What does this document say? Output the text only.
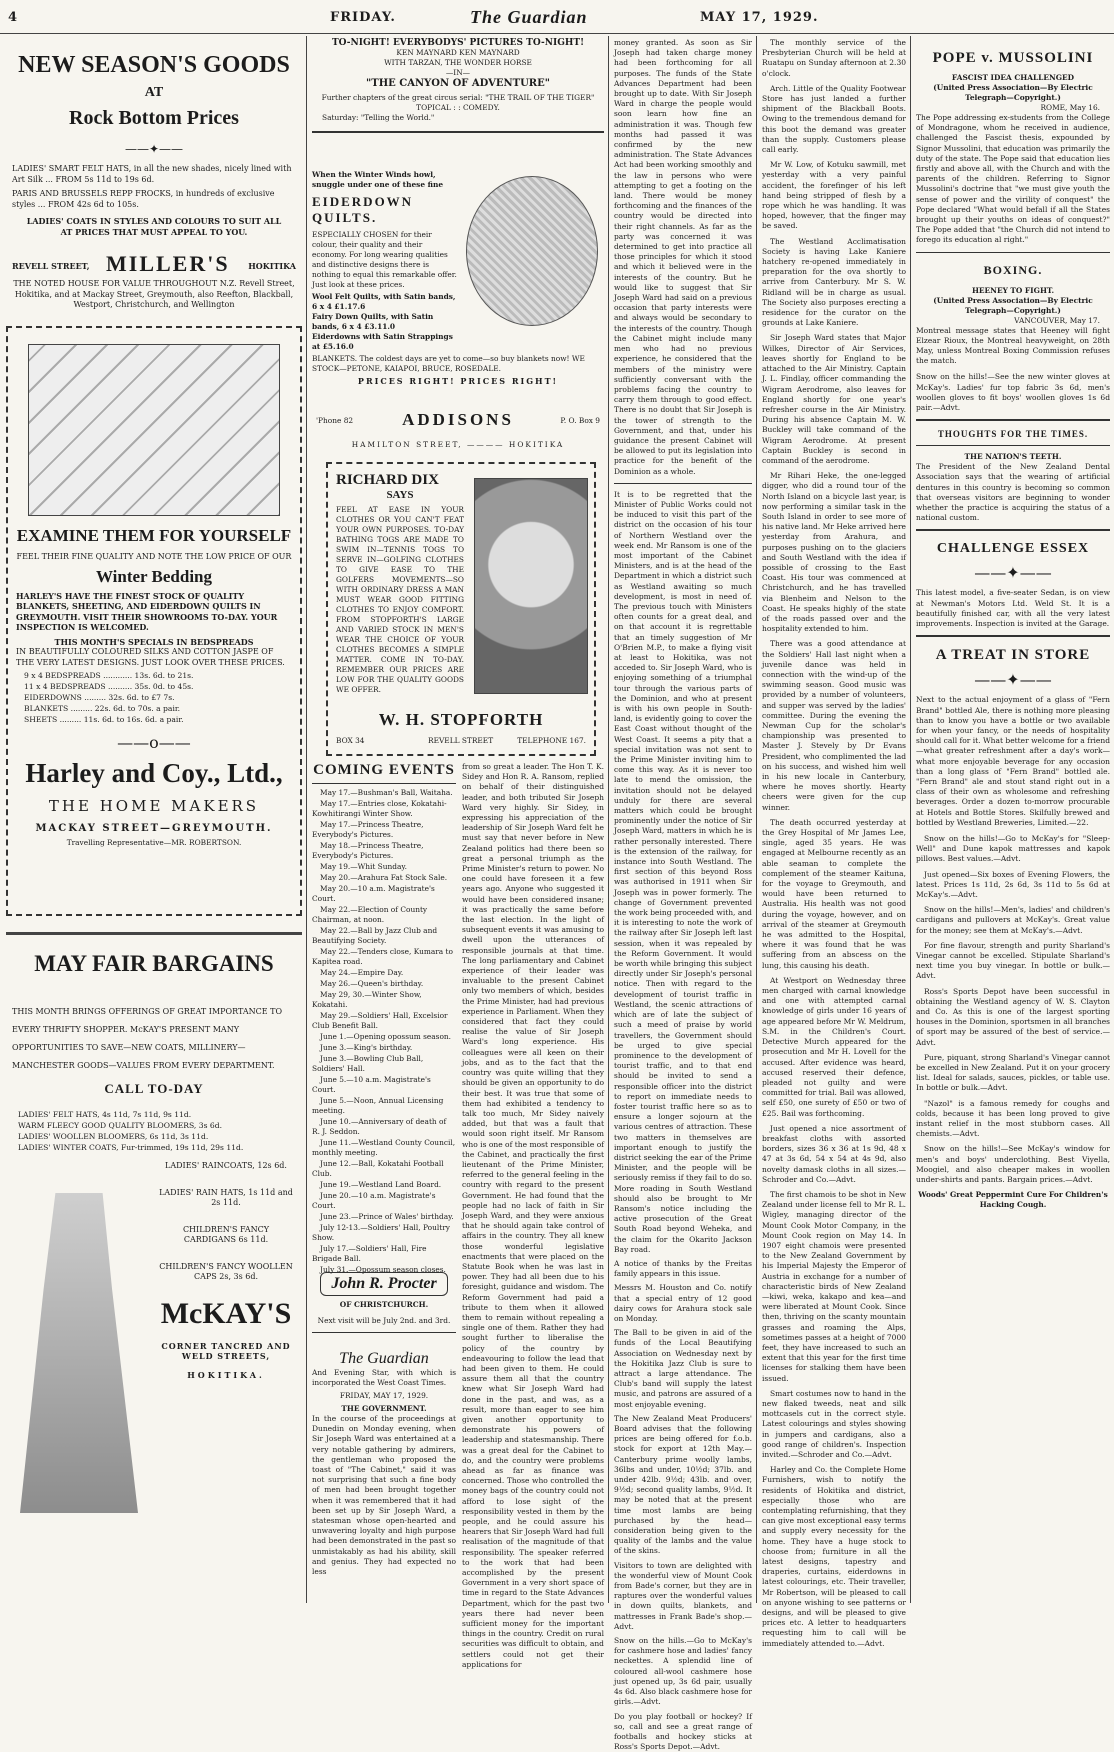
4	FRIDAY.	The Guardian	MAY 17, 1929.
NEW SEASON'S GOODS
AT
Rock Bottom Prices
——✦——
LADIES' SMART FELT HATS, in all the new shades, nicely lined with Art Silk ... FROM 5s 11d to 19s 6d.
PARIS AND BRUSSELS REPP FROCKS, in hundreds of exclusive styles ... FROM 42s 6d to 105s.
LADIES' COATS IN STYLES AND COLOURS TO SUIT ALL AT PRICES THAT MUST APPEAL TO YOU.
REVELL STREET, MILLER'S HOKITIKA
THE NOTED HOUSE FOR VALUE THROUGHOUT N.Z. Revell Street, Hokitika, and at Mackay Street, Greymouth, also Reefton, Blackball, Westport, Christchurch, and Wellington
EXAMINE THEM FOR YOURSELF
FEEL THEIR FINE QUALITY AND NOTE THE LOW PRICE OF OUR
Winter Bedding
HARLEY'S HAVE THE FINEST STOCK OF QUALITY BLANKETS, SHEETING, AND EIDERDOWN QUILTS IN GREYMOUTH. VISIT THEIR SHOWROOMS TO-DAY. YOUR INSPECTION IS WELCOMED.
THIS MONTH'S SPECIALS IN BEDSPREADS
IN BEAUTIFULLY COLOURED SILKS AND COTTON JASPE OF THE VERY LATEST DESIGNS. JUST LOOK OVER THESE PRICES.
9 x 4 BEDSPREADS ............ 13s. 6d. to 21s.
11 x 4 BEDSPREADS .......... 35s. 0d. to 45s.
EIDERDOWNS ......... 32s. 6d. to £7 7s.
BLANKETS ......... 22s. 6d. to 70s. a pair.
SHEETS ......... 11s. 6d. to 16s. 6d. a pair.
——o——
Harley and Coy., Ltd.,
THE HOME MAKERS
MACKAY STREET—GREYMOUTH.
Travelling Representative—MR. ROBERTSON.
MAY FAIR BARGAINS
THIS MONTH BRINGS OFFERINGS OF GREAT IMPORTANCE TO EVERY THRIFTY SHOPPER. McKAY'S PRESENT MANY OPPORTUNITIES TO SAVE—NEW COATS, MILLINERY—MANCHESTER GOODS—VALUES FROM EVERY DEPARTMENT.
CALL TO-DAY
LADIES' FELT HATS, 4s 11d, 7s 11d, 9s 11d.
WARM FLEECY GOOD QUALITY BLOOMERS, 3s 6d.
LADIES' WOOLLEN BLOOMERS, 6s 11d, 3s 11d.
LADIES' WINTER COATS, Fur-trimmed, 19s 11d, 29s 11d.
LADIES' RAINCOATS, 12s 6d.
LADIES' RAIN HATS, 1s 11d and 2s 11d.
CHILDREN'S FANCY CARDIGANS 6s 11d.
CHILDREN'S FANCY WOOLLEN CAPS 2s, 3s 6d.
McKAY'S
CORNER TANCRED AND WELD STREETS,
HOKITIKA.
TO-NIGHT! EVERYBODYS' PICTURES TO-NIGHT!
KEN MAYNARD KEN MAYNARD
WITH TARZAN, THE WONDER HORSE
—IN—
"THE CANYON OF ADVENTURE"
Further chapters of the great circus serial: "THE TRAIL OF THE TIGER"
TOPICAL : : COMEDY.
Saturday: "Telling the World."
When the Winter Winds howl, snuggle under one of these fine
EIDERDOWN QUILTS.
ESPECIALLY CHOSEN for their colour, their quality and their economy. For long wearing qualities and distinctive designs there is nothing to equal this remarkable offer. Just look at these prices.
Wool Felt Quilts, with Satin bands, 6 x 4 £1.17.6
Fairy Down Quilts, with Satin bands, 6 x 4 £3.11.0
Eiderdowns with Satin Strappings at £5.16.0
BLANKETS. The coldest days are yet to come—so buy blankets now! WE STOCK—PETONE, KAIAPOI, BRUCE, ROSEDALE.
PRICES RIGHT! PRICES RIGHT!
ADDISONS
'Phone 82	P. O. Box 9
HAMILTON STREET, ———— HOKITIKA
RICHARD DIX
SAYS
FEEL AT EASE IN YOUR CLOTHES OR YOU CAN'T FEAT YOUR OWN PURPOSES. TO-DAY BATHING TOGS ARE MADE TO SWIM IN—TENNIS TOGS TO SERVE IN—GOLFING CLOTHES TO GIVE EASE TO THE GOLFERS MOVEMENTS—SO WITH ORDINARY DRESS A MAN MUST WEAR GOOD FITTING CLOTHES TO ENJOY COMFORT. FROM STOPFORTH'S LARGE AND VARIED STOCK IN MEN'S WEAR THE CHOICE OF YOUR CLOTHES BECOMES A SIMPLE MATTER. COME IN TO-DAY. REMEMBER OUR PRICES ARE LOW FOR THE QUALITY GOODS WE OFFER.
W. H. STOPFORTH
BOX 34	REVELL STREET	TELEPHONE 167.
COMING EVENTS
May 17.—Bushman's Ball, Waitaha.
May 17.—Entries close, Kokatahi-Kowhitirangi Winter Show.
May 17.—Princess Theatre, Everybody's Pictures.
May 18.—Princess Theatre, Everybody's Pictures.
May 19.—Whit Sunday.
May 20.—Arahura Fat Stock Sale.
May 20.—10 a.m. Magistrate's Court.
May 22.—Election of County Chairman, at noon.
May 22.—Ball by Jazz Club and Beautifying Society.
May 22.—Tenders close, Kumara to Kapitea road.
May 24.—Empire Day.
May 26.—Queen's birthday.
May 29, 30.—Winter Show, Kokatahi.
May 29.—Soldiers' Hall, Excelsior Club Benefit Ball.
June 1.—Opening opossum season.
June 3.—King's birthday.
June 3.—Bowling Club Ball, Soldiers' Hall.
June 5.—10 a.m. Magistrate's Court.
June 5.—Noon, Annual Licensing meeting.
June 10.—Anniversary of death of R. J. Seddon.
June 11.—Westland County Council, monthly meeting.
June 12.—Ball, Kokatahi Football Club.
June 19.—Westland Land Board.
June 20.—10 a.m. Magistrate's Court.
June 23.—Prince of Wales' birthday.
July 12-13.—Soldiers' Hall, Poultry Show.
July 17.—Soldiers' Hall, Fire Brigade Ball.
July 31.—Opossum season closes.
John R. Procter
OF CHRISTCHURCH.
Next visit will be July 2nd. and 3rd.
The Guardian
And Evening Star, with which is incorporated the West Coast Times.
FRIDAY, MAY 17, 1929.
THE GOVERNMENT.
In the course of the proceedings at Dunedin on Monday evening, when Sir Joseph Ward was entertained at a very notable gathering by admirers, the gentleman who proposed the toast of "The Cabinet," said it was not surprising that such a fine body of men had been brought together when it was remembered that it had been set up by Sir Joseph Ward, a statesman whose open-hearted and unwavering loyalty and high purpose had been demonstrated in the past so unmistakably as had his ability, skill and genius. They had expected no less
from so great a leader. The Hon T. K. Sidey and Hon R. A. Ransom, replied on behalf of their distinguished leader, and both tributed Sir Joseph Ward very highly. Sir Sidey, in expressing his appreciation of the leadership of Sir Joseph Ward felt he must say that never before in New Zealand politics had there been so great a personal triumph as the Prime Minister's return to power. No one could have foreseen it a few years ago. Anyone who suggested it would have been considered insane; it was practically the same before the last election. In the light of subsequent events it was amusing to dwell upon the utterances of responsible journals at that time. The long parliamentary and Cabinet experience of their leader was invaluable to the present Cabinet only two members of which, besides the Prime Minister, had had previous experience in Parliament. When they considered that fact they could realise the value of Sir Joseph Ward's long experience. His colleagues were all keen on their jobs, and as to the fact that the country was quite willing that they should be given an opportunity to do their best. It was true that some of them had exhibited a tendency to talk too much, Mr Sidey naively added, but that was a fault that would soon right itself. Mr Ransom who is one of the most responsible of the Cabinet, and practically the first lieutenant of the Prime Minister, referred to the general feeling in the country with regard to the present Government. He had found that the people had no lack of faith in Sir Joseph Ward, and they were anxious that he should again take control of affairs in the country. They all knew those wonderful legislative enactments that were placed on the Statute Book when he was last in power. They had all been due to his foresight, guidance and wisdom. The Reform Government had paid a tribute to them when it allowed them to remain without repealing a single one of them. Rather they had sought further to liberalise the policy of the country by endeavouring to follow the lead that had been given to them. He could assure them all that the country knew what Sir Joseph Ward had done in the past, and was, as a result, more than eager to see him given another opportunity to demonstrate his powers of leadership and statesmanship. There was a great deal for the Cabinet to do, and the country were problems ahead as far as finance was concerned. Those who controlled the money bags of the country could not afford to lose sight of the responsibility vested in them by the people, and he could assure his hearers that Sir Joseph Ward had full realisation of the magnitude of that responsibility. The speaker referred to the work that had been accomplished by the present Government in a very short space of time in regard to the State Advances Department, which for the past two years there had never been sufficient money for the important things in the country. Credit on rural securities was difficult to obtain, and settlers could not get their applications for
money granted. As soon as Sir Joseph had taken charge money had been forthcoming for all purposes. The funds of the State Advances Department had been brought up to date. With Sir Joseph Ward in charge the people would soon learn how fine an administration it was. Though few months had passed it was confirmed by the new administration. The State Advances Act had been working smoothly and the law in persons who were attempting to get a footing on the land. There would be money forthcoming and the finances of the country would be directed into their right channels. As far as the party was concerned it was determined to get into practice all those principles for which it stood and which it believed were in the interests of the country. But he would like to suggest that Sir Joseph Ward had said on a previous occasion that party interests were and always would be secondary to the interests of the country. Though the Cabinet might include many men who had no previous experience, he considered that the members of the ministry were sufficiently conversant with the problems facing the country to carry them through to good effect. There is no doubt that Sir Joseph is the tower of strength to the Government, and that, under his guidance the present Cabinet will be allowed to put its legislation into practice for the benefit of the Dominion as a whole.
It is to be regretted that the Minister of Public Works could not be induced to visit this part of the district on the occasion of his tour of Northern Westland over the week end. Mr Ransom is one of the most important of the Cabinet Ministers, and is at the head of the Department in which a district such as Westland awaiting so much development, is most in need of. The previous touch with Ministers often counts for a great deal, and on that account it is regrettable that an timely suggestion of Mr O'Brien M.P., to make a flying visit at least to Hokitika, was not acceded to. Sir Joseph Ward, who is enjoying something of a triumphal tour through the various parts of the Dominion, and who at present is with his own people in South-land, is evidently going to cover the East Coast without thought of the West Coast. It seems a pity that a special invitation was not sent to the Prime Minister inviting him to come this way. As it is never too late to mend the omission, the invitation should not be delayed unduly for there are several matters which could be brought prominently under the notice of Sir Joseph Ward, matters in which he is rather personally interested. There is the extension of the railway, for instance into South Westland. The first section of this beyond Ross was authorised in 1911 when Sir Joseph was in power formerly. The change of Government prevented the work being proceeded with, and it is interesting to note the work of the railway after Sir Joseph left last session, when it was repealed by the Reform Government. It would be worth while bringing this subject directly under Sir Joseph's personal notice. Then with regard to the development of tourist traffic in Westland, the scenic attractions of which are of late the subject of such a meed of praise by world travellers, the Government should be urged to give special prominence to the development of tourist traffic, and to that end should be invited to send a responsible officer into the district to report on immediate needs to foster tourist traffic here so as to ensure a longer sojourn at the various centres of attraction. These two matters in themselves are important enough to justify the district seeking the ear of the Prime Minister, and the people will be seriously remiss if they fail to do so. More roading in South Westland should also be brought to Mr Ransom's notice including the active prosecution of the Great South Road beyond Weheka, and the claim for the Okarito Jackson Bay road.
A notice of thanks by the Freitas family appears in this issue.
Messrs M. Houston and Co. notify that a special entry of 12 good dairy cows for Arahura stock sale on Monday.
The Ball to be given in aid of the funds of the Local Beautifying Association on Wednesday next by the Hokitika Jazz Club is sure to attract a large attendance. The Club's band will supply the latest music, and patrons are assured of a most enjoyable evening.
The New Zealand Meat Producers' Board advises that the following prices are being offered for f.o.b. stock for export at 12th May.—Canterbury prime woolly lambs, 36lbs and under, 10½d; 37lb. and under 42lb. 9½d; 43lb. and over, 9½d; second quality lambs, 9½d. It may be noted that at the present time most lambs are being purchased by the head—consideration being given to the quality of the lambs and the value of the skins.
Visitors to town are delighted with the wonderful view of Mount Cook from Bade's corner, but they are in raptures over the wonderful values in down quilts, blankets, and mattresses in Frank Bade's shop.—Advt.
Snow on the hills.—Go to McKay's for cashmere hose and ladies' fancy neckettes. A splendid line of coloured all-wool cashmere hose just opened up, 3s 6d pair, usually 4s 6d. Also black cashmere hose for girls.—Advt.
Do you play football or hockey? If so, call and see a great range of footballs and hockey sticks at Ross's Sports Depot.—Advt.
The monthly service of the Presbyterian Church will be held at Ruatapu on Sunday afternoon at 2.30 o'clock.
Arch. Little of the Quality Footwear Store has just landed a further shipment of the Blackball Boots. Owing to the tremendous demand for this boot the demand was greater than the supply. Customers please call early.
Mr W. Low, of Kotuku sawmill, met yesterday with a very painful accident, the forefinger of his left hand being stripped of flesh by a rope which he was handling. It was hoped, however, that the finger may be saved.
The Westland Acclimatisation Society is having Lake Kaniere hatchery re-opened immediately in preparation for the ova shortly to arrive from Canterbury. Mr S. W. Ridland will be in charge as usual. The Society also purposes erecting a residence for the curator on the grounds at Lake Kaniere.
Sir Joseph Ward states that Major Wilkes, Director of Air Services, leaves shortly for England to be attached to the Air Ministry. Captain J. L. Findlay, officer commanding the Wigram Aerodrome, also leaves for England shortly for one year's refresher course in the Air Ministry. During his absence Captain M. W. Buckley will take command of the Wigram Aerodrome. At present Captain Buckley is second in command of the aerodrome.
Mr Rihari Heke, the one-legged digger, who did a round tour of the North Island on a bicycle last year, is now performing a similar task in the South Island in order to see more of his native land. Mr Heke arrived here yesterday from Arahura, and purposes pushing on to the glaciers and South Westland with the idea if possible of crossing to the East Coast. His tour was commenced at Christchurch, and he has travelled via Blenheim and Nelson to the Coast. He speaks highly of the state of the roads passed over and the hospitality extended to him.
There was a good attendance at the Soldiers' Hall last night when a juvenile dance was held in connection with the wind-up of the swimming season. Good music was provided by a number of volunteers, and supper was served by the ladies' committee. During the evening the Newman Cup for the scholar's championship was presented to Master J. Stevely by Dr Evans President, who complimented the lad on his success, and wished him well in his new locale in Canterbury, where he moves shortly. Hearty cheers were given for the cup winner.
The death occurred yesterday at the Grey Hospital of Mr James Lee, single, aged 35 years. He was engaged at Melbourne recently as an able seaman to complete the complement of the steamer Kaituna, for the voyage to Greymouth, and would have been returned to Australia. His health was not good during the voyage, however, and on arrival of the steamer at Greymouth he was admitted to the Hospital, where it was found that he was suffering from an abscess on the lung, this causing his death.
At Westport on Wednesday three men charged with carnal knowledge and one with attempted carnal knowledge of girls under 16 years of age appeared before Mr W. Meldrum, S.M. in the Children's Court. Detective Murch appeared for the prosecution and Mr H. Lovell for the accused. After evidence was heard, accused reserved their defence, pleaded not guilty and were committed for trial. Bail was allowed, self £50, one surety of £50 or two of £25. Bail was forthcoming.
Just opened a nice assortment of breakfast cloths with assorted borders, sizes 36 x 36 at 1s 9d, 48 x 47 at 3s 6d, 54 x 54 at 4s 9d, also novelty damask cloths in all sizes.—Schroder and Co.—Advt.
The first chamois to be shot in New Zealand under license fell to Mr R. L. Wigley, managing director of the Mount Cook Motor Company, in the Mount Cook region on May 14. In 1907 eight chamois were presented to the New Zealand Government by his Imperial Majesty the Emperor of Austria in exchange for a number of characteristic birds of New Zealand—kiwi, weka, kakapo and kea—and were liberated at Mount Cook. Since then, thriving on the scanty mountain grasses and roaming the Alps, sometimes passes at a height of 7000 feet, they have increased to such an extent that this year for the first time licenses for stalking them have been issued.
Smart costumes now to hand in the new flaked tweeds, neat and silk mottcasels cut in the correct style. Latest colourings and styles showing in jumpers and cardigans, also a good range of children's. Inspection invited.—Schroder and Co.—Advt.
Harley and Co. the Complete Home Furnishers, wish to notify the residents of Hokitika and district, especially those who are contemplating refurnishing, that they can give most exceptional easy terms and supply every necessity for the home. They have a huge stock to choose from; furniture in all the latest designs, tapestry and draperies, curtains, eiderdowns in latest colourings, etc. Their traveller, Mr Robertson, will be pleased to call on anyone wishing to see patterns or designs, and will be pleased to give prices etc. A letter to headquarters requesting him to call will be immediately attended to.—Advt.
POPE v. MUSSOLINI
FASCIST IDEA CHALLENGED
(United Press Association—By Electric Telegraph—Copyright.)
ROME, May 16.
The Pope addressing ex-students from the College of Mondragone, whom he received in audience, challenged the Fascist thesis, expounded by Signor Mussolini, that education was primarily the duty of the state. The Pope said that education lies firstly and above all, with the Church and with the parents of the children. Referring to Signor Mussolini's doctrine that "we must give youth the sense of power and the virility of conquest" the Pope declared "What would befall if all the States brought up their youths on ideas of conquest?" The Pope added that "the Church did not intend to forego its education al right."
BOXING.
HEENEY TO FIGHT.
(United Press Association—By Electric Telegraph—Copyright.)
VANCOUVER, May 17.
Montreal message states that Heeney will fight Elzear Rioux, the Montreal heavyweight, on 28th May, unless Montreal Boxing Commission refuses the match.
Snow on the hills!—See the new winter gloves at McKay's. Ladies' fur top fabric 3s 6d, men's woollen gloves to fit boys' woollen gloves 1s 6d pair.—Advt.
THOUGHTS FOR THE TIMES.
THE NATION'S TEETH.
The President of the New Zealand Dental Association says that the wearing of artificial dentures in this country is becoming so common that overseas visitors are beginning to wonder whether the practice is acquiring the status of a national custom.
CHALLENGE ESSEX
——✦——
This latest model, a five-seater Sedan, is on view at Newman's Motors Ltd. Weld St. It is a beautifully finished car, with all the very latest improvements. Inspection is invited at the Garage.
A TREAT IN STORE
——✦——
Next to the actual enjoyment of a glass of "Fern Brand" bottled Ale, there is nothing more pleasing than to know you have a bottle or two available for when your fancy, or the needs of hospitality should call for it. What better welcome for a friend—what greater refreshment after a day's work—what more enjoyable beverage for any occasion than a long glass of "Fern Brand" bottled ale. "Fern Brand" ale and stout stand right out in a class of their own as wholesome and refreshing beverages. Order a dozen to-morrow procurable at Hotels and Bottle Stores. Skilfully brewed and bottled by Westland Breweries, Limited.—22.
Snow on the hills!—Go to McKay's for "Sleep-Well" and Dune kapok mattresses and kapok pillows. Best values.—Advt.
Just opened—Six boxes of Evening Flowers, the latest. Prices 1s 11d, 2s 6d, 3s 11d to 5s 6d at McKay's.—Advt.
Snow on the hills!—Men's, ladies' and children's cardigans and pullovers at McKay's. Great value for the money; see them at McKay's.—Advt.
For fine flavour, strength and purity Sharland's Vinegar cannot be excelled. Stipulate Sharland's next time you buy vinegar. In bottle or bulk.—Advt.
Ross's Sports Depot have been successful in obtaining the Westland agency of W. S. Clayton and Co. As this is one of the largest sporting houses in the Dominion, sportsmen in all branches of sport may be assured of the best of service.—Advt.
Pure, piquant, strong Sharland's Vinegar cannot be excelled in New Zealand. Put it on your grocery list. Ideal for salads, sauces, pickles, or table use. In bottle or bulk.—Advt.
"Nazol" is a famous remedy for coughs and colds, because it has been long proved to give instant relief in the most stubborn cases. All chemists.—Advt.
Snow on the hills!—See McKay's window for men's and boys' underclothing. Best Viyella, Moogiel, and also cheaper makes in woollen under-shirts and pants. Bargain prices.—Advt.
Woods' Great Peppermint Cure For Children's Hacking Cough.
